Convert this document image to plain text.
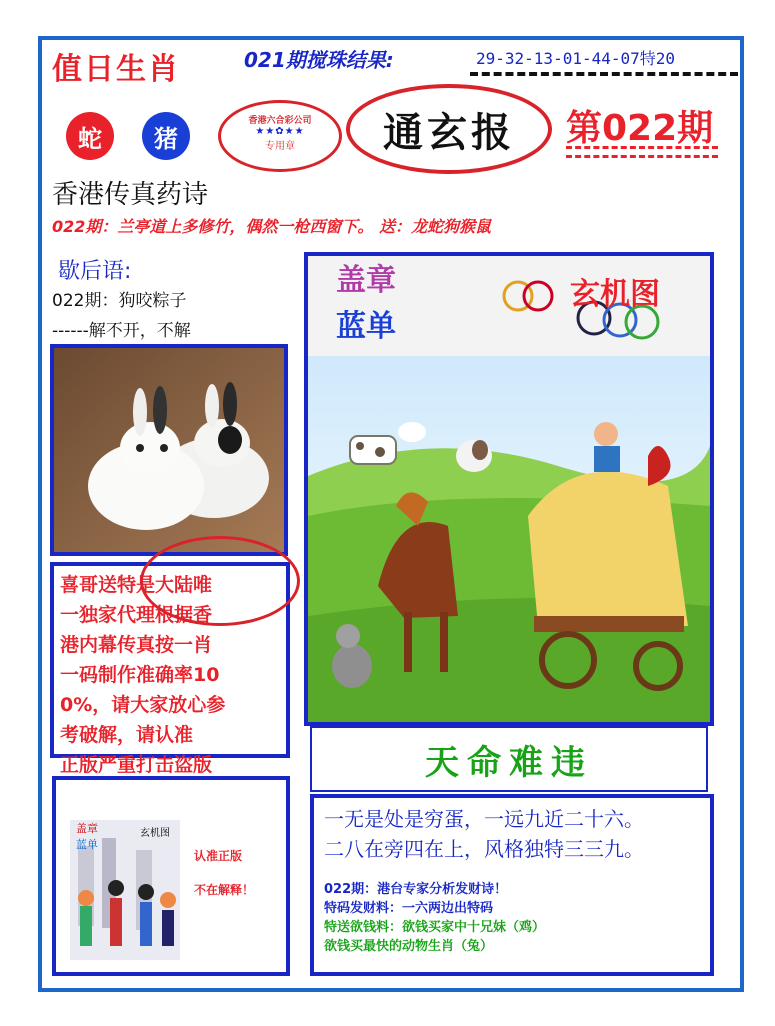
值日生肖	021期搅珠结果:	29-32-13-01-44-07特20
蛇	猪
香港六合彩公司
★★✿★★
专用章	通玄报	第022期
香港传真药诗
022期：兰亭道上多修竹，偶然一枪西窗下。 送：龙蛇狗猴鼠
歇后语:
022期：狗咬粽子
------解不开，不解
喜哥送特是大陆唯
一独家代理根据香
港内幕传真按一肖
一码制作准确率10
0%，请大家放心参
考破解，请认准
正版严重打击盗版
盖章
蓝单
玄机图
认准正版
不在解释！
盖章
蓝单
玄机图
天命难违
一无是处是穷蛋，一远九近二十六。
二八在旁四在上，风格独特三三九。
022期：港台专家分析发财诗！
特码发财料：一六两边出特码
特送欲钱料：欲钱买家中十兄妹（鸡）
欲钱买最快的动物生肖（兔）
